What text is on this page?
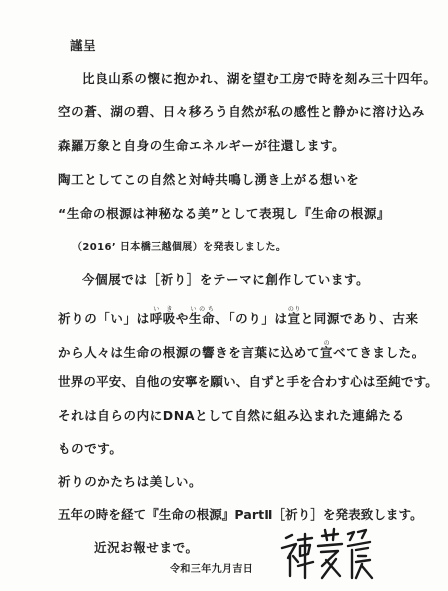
謹呈
比良山系の懐に抱かれ、湖を望む工房で時を刻み三十四年。
空の蒼、湖の碧、日々移ろう自然が私の感性と静かに溶け込み
森羅万象と自身の生命エネルギーが往還します。
陶工としてこの自然と対峙共鳴し湧き上がる想いを
“生命の根源は神秘なる美”として表現し『生命の根源』
（2016’ 日本橋三越個展）を発表しました。
今個展では［祈り］をテーマに創作しています。
祈りの「い」は呼吸いきや生命いのち、「のり」は宣のりと同源であり、古来
から人々は生命の根源の響きを言葉に込めて宣のべてきました。
世界の平安、自他の安寧を願い、自ずと手を合わす心は至純です。
それは自らの内にDNAとして自然に組み込まれた連綿たる
ものです。
祈りのかたちは美しい。
五年の時を経て『生命の根源』PartⅡ［祈り］を発表致します。
近況お報せまで。
令和三年九月吉日
